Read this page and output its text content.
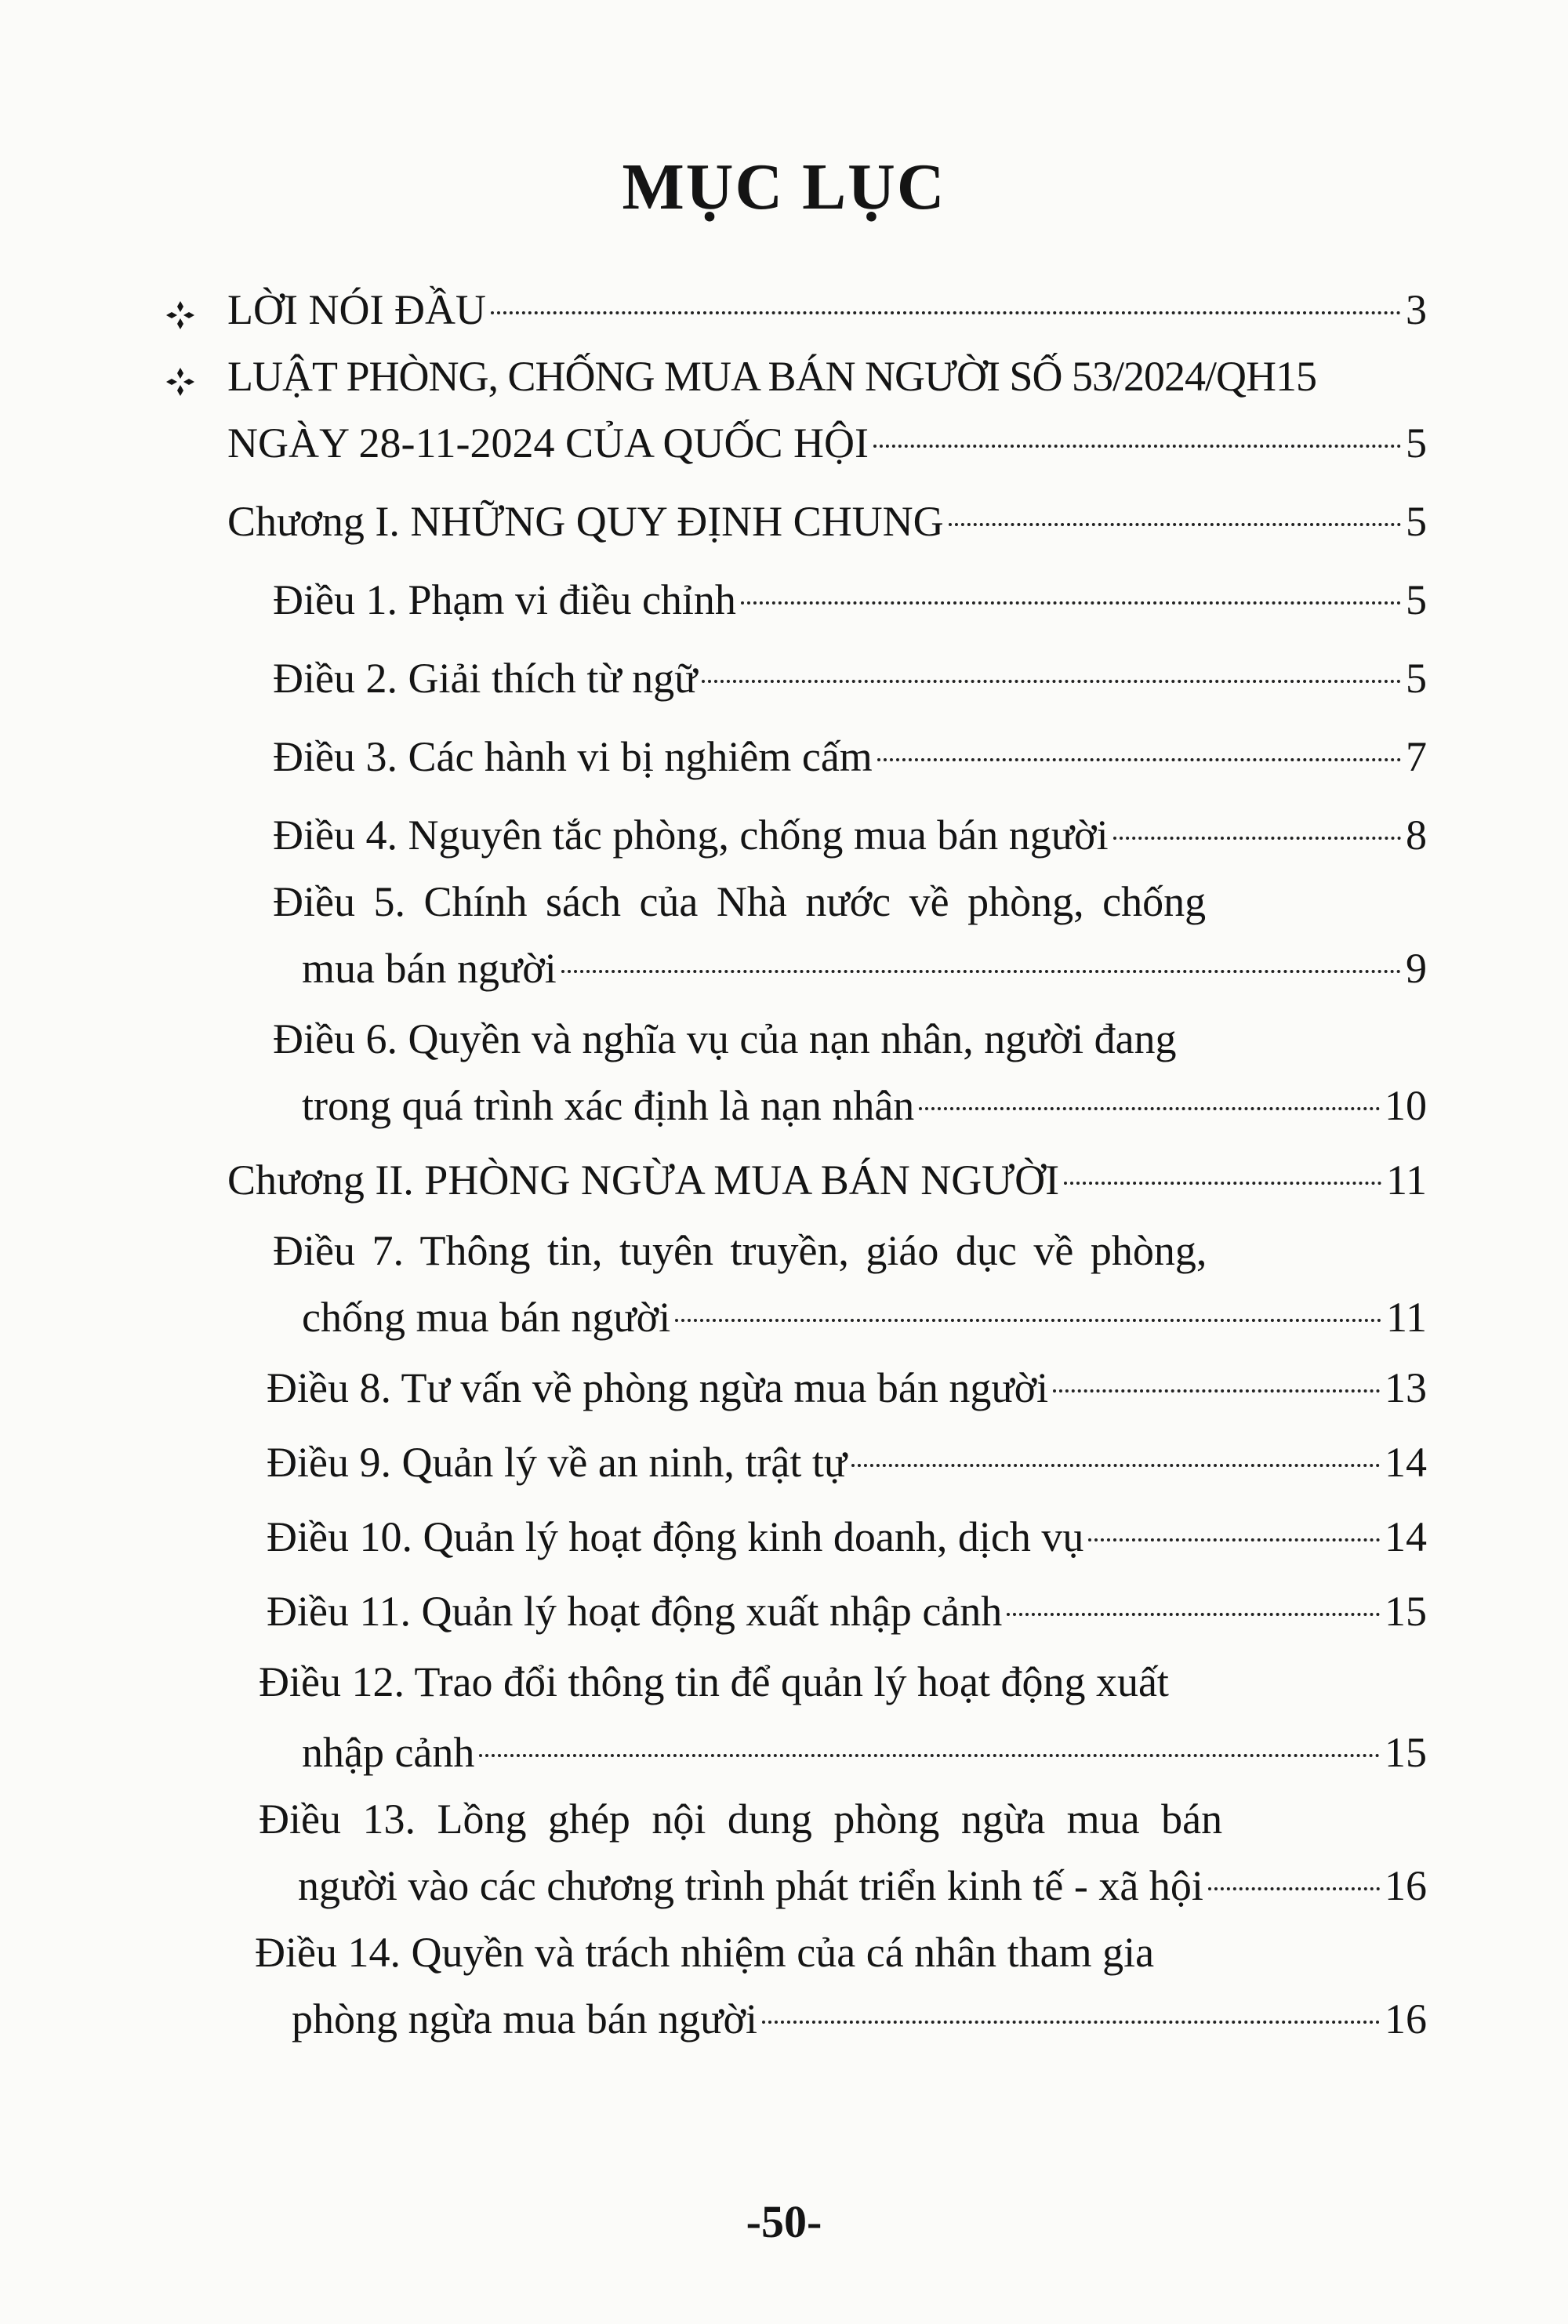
MỤC LỤC
LỜI NÓI ĐẦU	3
LUẬT PHÒNG, CHỐNG MUA BÁN NGƯỜI SỐ 53/2024/QH15
NGÀY 28-11-2024 CỦA QUỐC HỘI	5
Chương I. NHỮNG QUY ĐỊNH CHUNG	5
Điều 1. Phạm vi điều chỉnh	5
Điều 2. Giải thích từ ngữ	5
Điều 3. Các hành vi bị nghiêm cấm	7
Điều 4. Nguyên tắc phòng, chống mua bán người	8
Điều 5. Chính sách của Nhà nước về phòng, chống
mua bán người	9
Điều 6. Quyền và nghĩa vụ của nạn nhân, người đang
trong quá trình xác định là nạn nhân	10
Chương II. PHÒNG NGỪA MUA BÁN NGƯỜI	11
Điều 7. Thông tin, tuyên truyền, giáo dục về phòng,
chống mua bán người	11
Điều 8. Tư vấn về phòng ngừa mua bán người	13
Điều 9. Quản lý về an ninh, trật tự	14
Điều 10. Quản lý hoạt động kinh doanh, dịch vụ	14
Điều 11. Quản lý hoạt động xuất nhập cảnh	15
Điều 12. Trao đổi thông tin để quản lý hoạt động xuất
nhập cảnh	15
Điều 13. Lồng ghép nội dung phòng ngừa mua bán
người vào các chương trình phát triển kinh tế - xã hội	16
Điều 14. Quyền và trách nhiệm của cá nhân tham gia
phòng ngừa mua bán người	16
-50-
